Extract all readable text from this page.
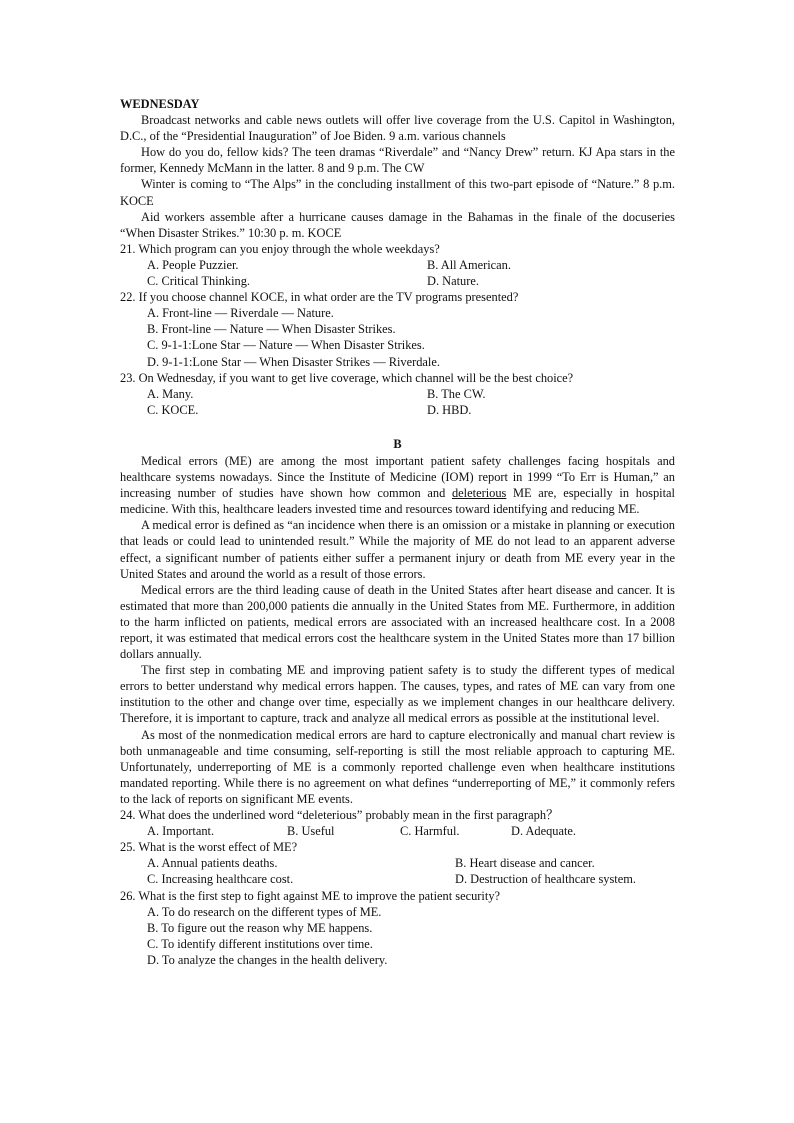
WEDNESDAY

Broadcast networks and cable news outlets will offer live coverage from the U.S. Capitol in Washington, D.C., of the “Presidential Inauguration” of Joe Biden. 9 a.m. various channels

How do you do, fellow kids? The teen dramas “Riverdale” and “Nancy Drew” return. KJ Apa stars in the former, Kennedy McMann in the latter. 8 and 9 p.m. The CW

Winter is coming to “The Alps” in the concluding installment of this two-part episode of “Nature.” 8 p.m. KOCE

Aid workers assemble after a hurricane causes damage in the Bahamas in the finale of the docuseries “When Disaster Strikes.” 10:30 p. m. KOCE

21. Which program can you enjoy through the whole weekdays?

A. People Puzzier.	B. All American.
C. Critical Thinking.	D. Nature.

22. If you choose channel KOCE, in what order are the TV programs presented?

A. Front-line — Riverdale — Nature.

B. Front-line — Nature — When Disaster Strikes.

C. 9-1-1:Lone Star — Nature — When Disaster Strikes.

D. 9-1-1:Lone Star — When Disaster Strikes — Riverdale.

23. On Wednesday, if you want to get live coverage, which channel will be the best choice?

A. Many.	B. The CW.
C. KOCE.	D. HBD.

B

Medical errors (ME) are among the most important patient safety challenges facing hospitals and healthcare systems nowadays. Since the Institute of Medicine (IOM) report in 1999 “To Err is Human,” an increasing number of studies have shown how common and deleterious ME are, especially in hospital medicine. With this, healthcare leaders invested time and resources toward identifying and reducing ME.

A medical error is defined as “an incidence when there is an omission or a mistake in planning or execution that leads or could lead to unintended result.” While the majority of ME do not lead to an apparent adverse effect, a significant number of patients either suffer a permanent injury or death from ME every year in the United States and around the world as a result of those errors.

Medical errors are the third leading cause of death in the United States after heart disease and cancer. It is estimated that more than 200,000 patients die annually in the United States from ME. Furthermore, in addition to the harm inflicted on patients, medical errors are associated with an increased healthcare cost. In a 2008 report, it was estimated that medical errors cost the healthcare system in the United States more than 17 billion dollars annually.

The first step in combating ME and improving patient safety is to study the different types of medical errors to better understand why medical errors happen. The causes, types, and rates of ME can vary from one institution to the other and change over time, especially as we implement changes in our healthcare delivery. Therefore, it is important to capture, track and analyze all medical errors as possible at the institutional level.

As most of the nonmedication medical errors are hard to capture electronically and manual chart review is both unmanageable and time consuming, self-reporting is still the most reliable approach to capturing ME. Unfortunately, underreporting of ME is a commonly reported challenge even when healthcare institutions mandated reporting. While there is no agreement on what defines “underreporting of ME,” it commonly refers to the lack of reports on significant ME events.

24. What does the underlined word “deleterious” probably mean in the first paragraph？

A. Important.	B. Useful	C. Harmful.	D. Adequate.

25. What is the worst effect of ME?

A. Annual patients deaths.	B. Heart disease and cancer.
C. Increasing healthcare cost.	D. Destruction of healthcare system.

26. What is the first step to fight against ME to improve the patient security?

A. To do research on the different types of ME.

B. To figure out the reason why ME happens.

C. To identify different institutions over time.

D. To analyze the changes in the health delivery.
